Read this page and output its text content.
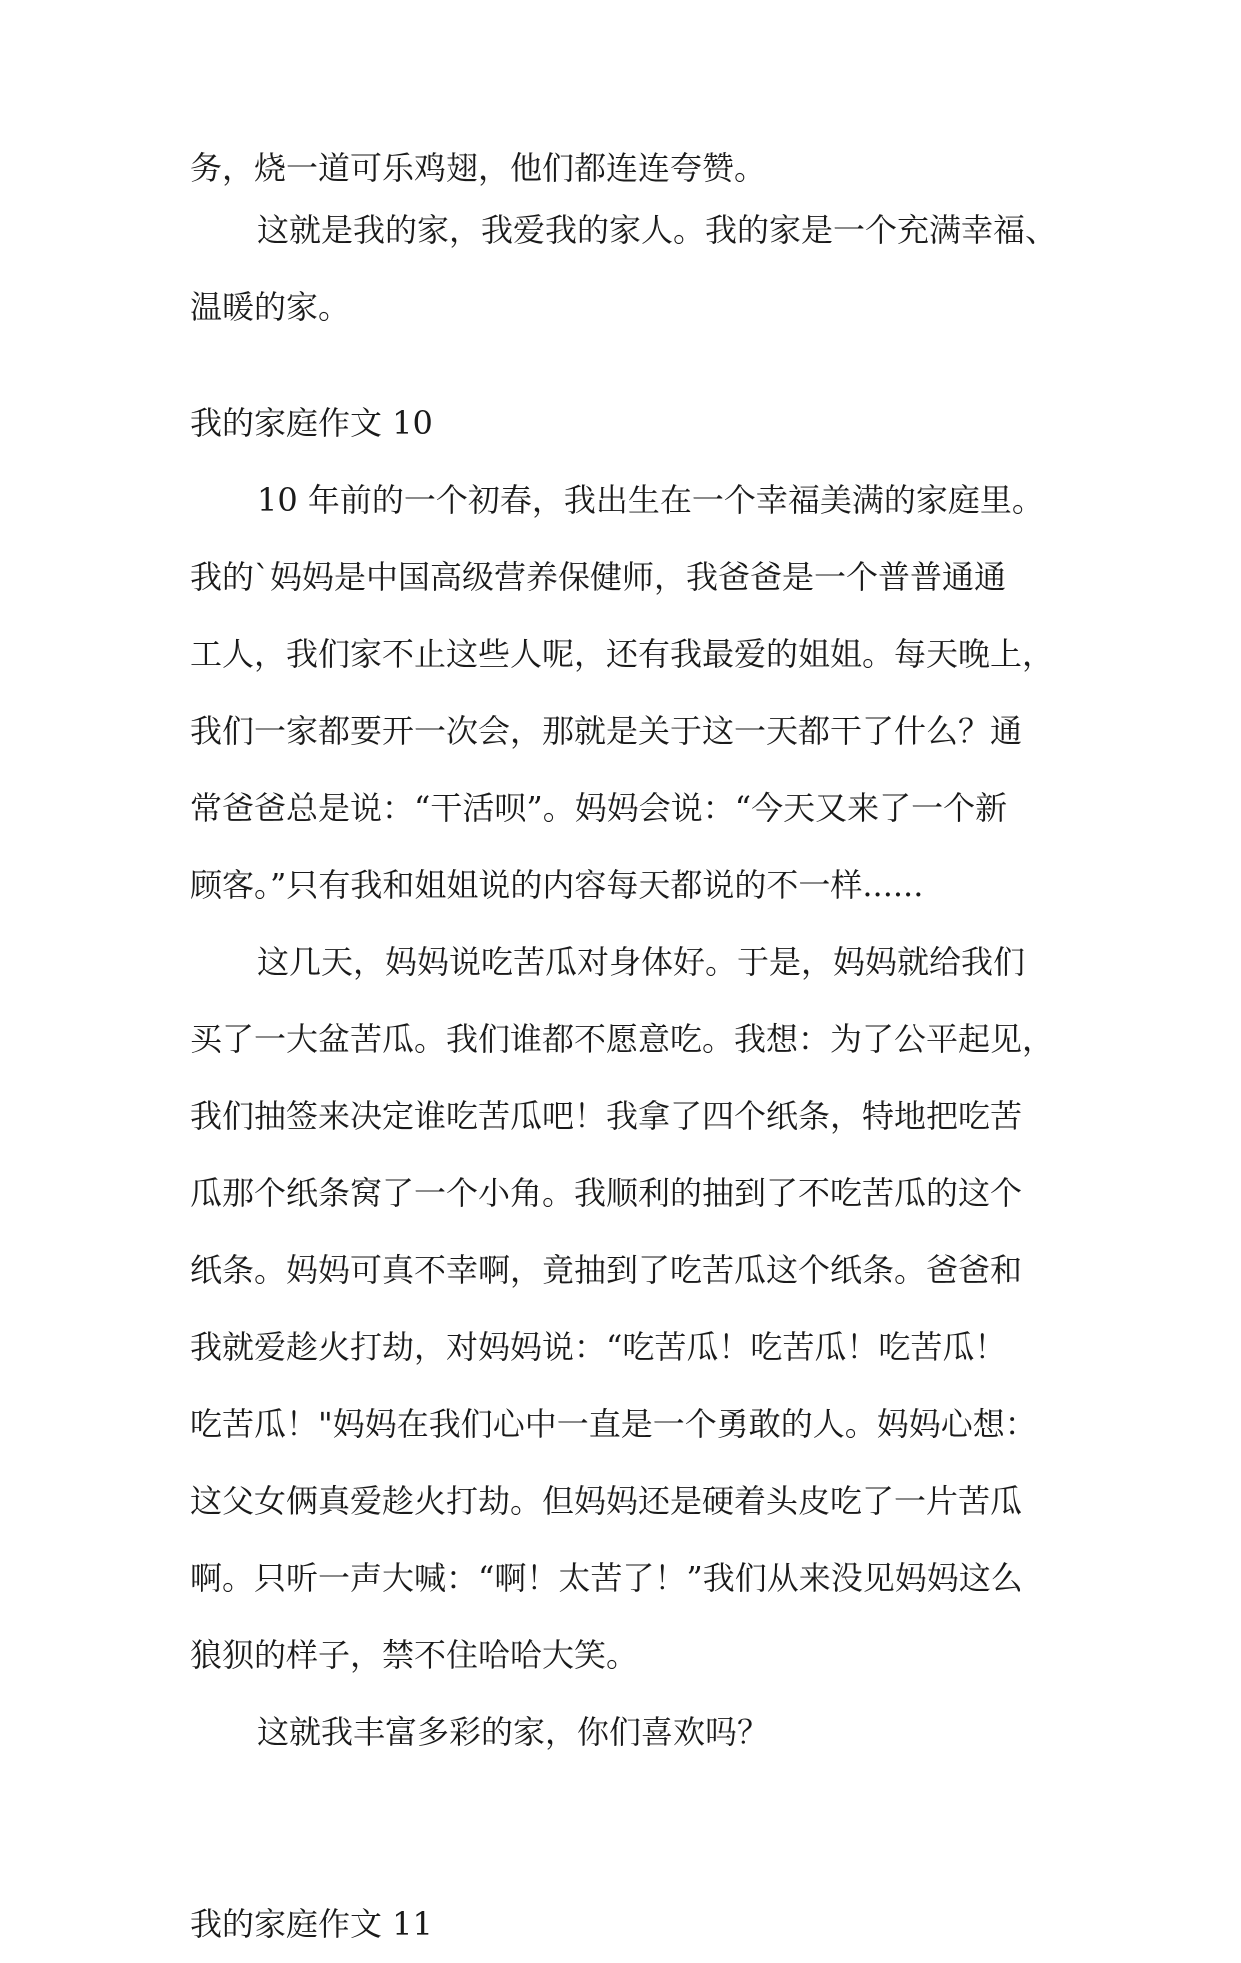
务，烧一道可乐鸡翅，他们都连连夸赞。
这就是我的家，我爱我的家人。我的家是一个充满幸福、
温暖的家。
我的家庭作文 10
10 年前的一个初春，我出生在一个幸福美满的家庭里。
我的`妈妈是中国高级营养保健师，我爸爸是一个普普通通
工人，我们家不止这些人呢，还有我最爱的姐姐。每天晚上，
我们一家都要开一次会，那就是关于这一天都干了什么？通
常爸爸总是说：“干活呗”。妈妈会说：“今天又来了一个新
顾客。”只有我和姐姐说的内容每天都说的不一样......
这几天，妈妈说吃苦瓜对身体好。于是，妈妈就给我们
买了一大盆苦瓜。我们谁都不愿意吃。我想：为了公平起见，
我们抽签来决定谁吃苦瓜吧！我拿了四个纸条，特地把吃苦
瓜那个纸条窝了一个小角。我顺利的抽到了不吃苦瓜的这个
纸条。妈妈可真不幸啊，竟抽到了吃苦瓜这个纸条。爸爸和
我就爱趁火打劫，对妈妈说：“吃苦瓜！吃苦瓜！吃苦瓜！
吃苦瓜！"妈妈在我们心中一直是一个勇敢的人。妈妈心想：
这父女俩真爱趁火打劫。但妈妈还是硬着头皮吃了一片苦瓜
啊。只听一声大喊：“啊！太苦了！”我们从来没见妈妈这么
狼狈的样子，禁不住哈哈大笑。
这就我丰富多彩的家，你们喜欢吗？
我的家庭作文 11
